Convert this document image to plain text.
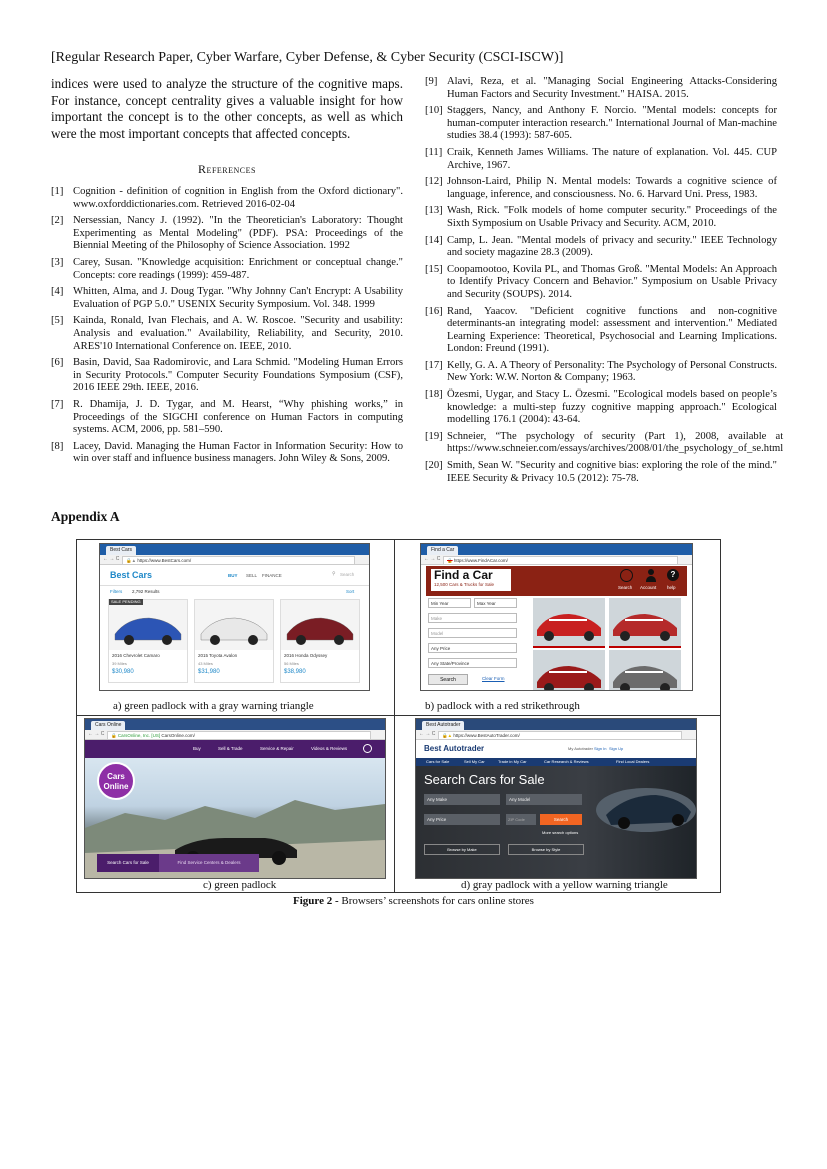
[Regular Research Paper, Cyber Warfare, Cyber Defense, & Cyber Security (CSCI-ISCW)]

indices were used to analyze the structure of the cognitive maps. For instance, concept centrality gives a valuable insight for how important the concept is to the other concepts, as well as which were the most important concepts that affected concepts.

References
[1] Cognition - definition of cognition in English from the Oxford dictionary". www.oxforddictionaries.com. Retrieved 2016-02-04
[2] Nersessian, Nancy J. (1992). "In the Theoretician's Laboratory: Thought Experimenting as Mental Modeling" (PDF). PSA: Proceedings of the Biennial Meeting of the Philosophy of Science Association. 1992
[3] Carey, Susan. "Knowledge acquisition: Enrichment or conceptual change." Concepts: core readings (1999): 459-487.
[4] Whitten, Alma, and J. Doug Tygar. "Why Johnny Can't Encrypt: A Usability Evaluation of PGP 5.0." USENIX Security Symposium. Vol. 348. 1999
[5] Kainda, Ronald, Ivan Flechais, and A. W. Roscoe. "Security and usability: Analysis and evaluation." Availability, Reliability, and Security, 2010. ARES'10 International Conference on. IEEE, 2010.
[6] Basin, David, Saa Radomirovic, and Lara Schmid. "Modeling Human Errors in Security Protocols." Computer Security Foundations Symposium (CSF), 2016 IEEE 29th. IEEE, 2016.
[7] R. Dhamija, J. D. Tygar, and M. Hearst, “Why phishing works,” in Proceedings of the SIGCHI conference on Human Factors in computing systems. ACM, 2006, pp. 581–590.
[8] Lacey, David. Managing the Human Factor in Information Security: How to win over staff and influence business managers. John Wiley & Sons, 2009.
[9] Alavi, Reza, et al. "Managing Social Engineering Attacks-Considering Human Factors and Security Investment." HAISA. 2015.
[10] Staggers, Nancy, and Anthony F. Norcio. "Mental models: concepts for human-computer interaction research." International Journal of Man-machine studies 38.4 (1993): 587-605.
[11] Craik, Kenneth James Williams. The nature of explanation. Vol. 445. CUP Archive, 1967.
[12] Johnson-Laird, Philip N. Mental models: Towards a cognitive science of language, inference, and consciousness. No. 6. Harvard Uni. Press, 1983.
[13] Wash, Rick. "Folk models of home computer security." Proceedings of the Sixth Symposium on Usable Privacy and Security. ACM, 2010.
[14] Camp, L. Jean. "Mental models of privacy and security." IEEE Technology and society magazine 28.3 (2009).
[15] Coopamootoo, Kovila PL, and Thomas Groß. "Mental Models: An Approach to Identify Privacy Concern and Behavior." Symposium on Usable Privacy and Security (SOUPS). 2014.
[16] Rand, Yaacov. "Deficient cognitive functions and non-cognitive determinants-an integrating model: assessment and intervention." Mediated Learning Experience: Theoretical, Psychosocial and Learning Implications. London: Freund (1991).
[17] Kelly, G. A. A Theory of Personality: The Psychology of Personal Constructs. New York: W.W. Norton & Company; 1963.
[18] Özesmi, Uygar, and Stacy L. Özesmi. "Ecological models based on people’s knowledge: a multi-step fuzzy cognitive mapping approach." Ecological modelling 176.1 (2004): 43-64.
[19] Schneier, “The psychology of security (Part 1), 2008, available at https://www.schneier.com/essays/archives/2008/01/the_psychology_of_se.html
[20] Smith, Sean W. "Security and cognitive bias: exploring the role of the mind." IEEE Security & Privacy 10.5 (2012): 75-78.
Appendix A
Best Cars
← → C	🔒▲ https://www.BestCars.com/
Best Cars	BUY SELL FINANCE	⚲ Search
Filters 2,792 Results	Sort
SALE PENDING
2016 Chevrolet Camaro
39 Miles
$30,980
2015 Toyota Avalon
43 Miles
$31,980
2016 Honda Odyssey
56 Miles
$38,980
a) green padlock with a gray warning triangle
Find a Car
← → C	🔒 https://www.FindACar.com/
Find a Car
12,500 Cars & Trucks for Sale
?
Search Account help
Min Year	Max Year
Make
Model
Any Price
Any State/Province
Search	Clear Form
b) padlock with a red strikethrough
Cars Online
← → C	🔒 CarsOnline, Inc. [US] CarsOnline.com/
Buy	Sell & Trade	Service & Repair	Videos & Reviews
Cars
Online
Search Cars for Sale	Find Service Centers & Dealers
c) green padlock
Best Autotrader
← → C	🔒▲ https://www.BestAutoTrader.com/
Best Autotrader	My Autotrader Sign In Sign Up
Cars for Sale	Sell My Car	Trade in My Car	Car Research & Reviews	Find Local Dealers
Search Cars for Sale
Any Make	Any Model
Any Price	ZIP Code	Search
More search options
Browse by Make	Browse by Style
d) gray padlock with a yellow warning triangle
Figure 2 - Browsers’ screenshots for cars online stores
